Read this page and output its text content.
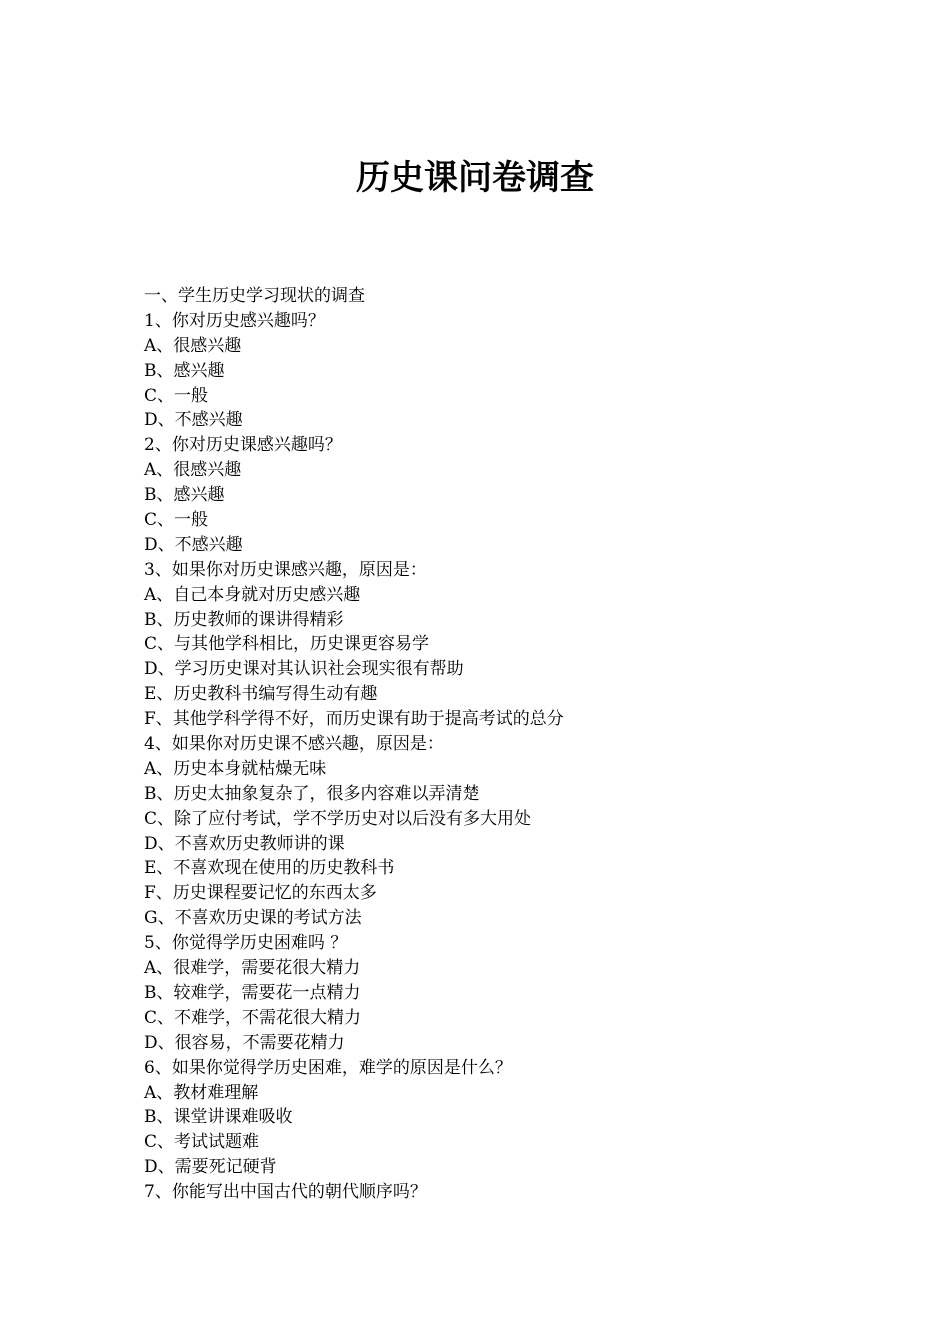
历史课问卷调查

一、学生历史学习现状的调查

1、你对历史感兴趣吗？

A、很感兴趣

B、感兴趣

C、一般

D、不感兴趣

2、你对历史课感兴趣吗？

A、很感兴趣

B、感兴趣

C、一般

D、不感兴趣

3、如果你对历史课感兴趣，原因是：

A、自己本身就对历史感兴趣

B、历史教师的课讲得精彩

C、与其他学科相比，历史课更容易学

D、学习历史课对其认识社会现实很有帮助

E、历史教科书编写得生动有趣

F、其他学科学得不好，而历史课有助于提高考试的总分

4、如果你对历史课不感兴趣，原因是：

A、历史本身就枯燥无味

B、历史太抽象复杂了，很多内容难以弄清楚

C、除了应付考试，学不学历史对以后没有多大用处

D、不喜欢历史教师讲的课

E、不喜欢现在使用的历史教科书

F、历史课程要记忆的东西太多

G、不喜欢历史课的考试方法

5、你觉得学历史困难吗 ？

A、很难学，需要花很大精力

B、较难学，需要花一点精力

C、不难学，不需花很大精力

D、很容易，不需要花精力

6、如果你觉得学历史困难，难学的原因是什么？

A、教材难理解

B、课堂讲课难吸收

C、考试试题难

D、需要死记硬背

7、你能写出中国古代的朝代顺序吗？
